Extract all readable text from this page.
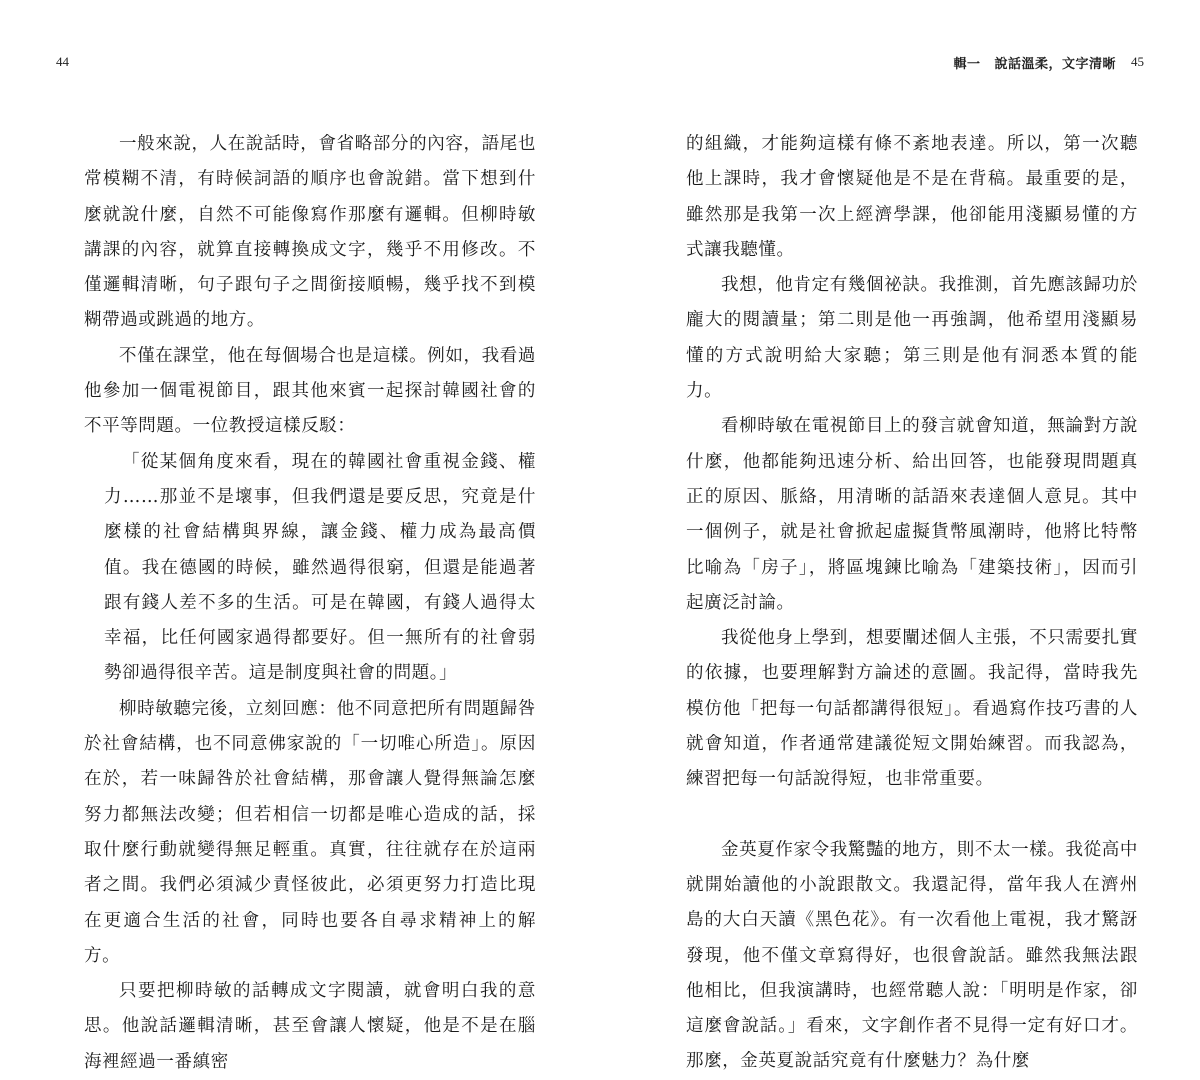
44

一般來說，人在說話時，會省略部分的內容，語尾也常模糊不清，有時候詞語的順序也會說錯。當下想到什麼就說什麼，自然不可能像寫作那麼有邏輯。但柳時敏講課的內容，就算直接轉換成文字，幾乎不用修改。不僅邏輯清晰，句子跟句子之間銜接順暢，幾乎找不到模糊帶過或跳過的地方。

不僅在課堂，他在每個場合也是這樣。例如，我看過他參加一個電視節目，跟其他來賓一起探討韓國社會的不平等問題。一位教授這樣反駁：

「從某個角度來看，現在的韓國社會重視金錢、權力……那並不是壞事，但我們還是要反思，究竟是什麼樣的社會結構與界線，讓金錢、權力成為最高價值。我在德國的時候，雖然過得很窮，但還是能過著跟有錢人差不多的生活。可是在韓國，有錢人過得太幸福，比任何國家過得都要好。但一無所有的社會弱勢卻過得很辛苦。這是制度與社會的問題。」

柳時敏聽完後，立刻回應：他不同意把所有問題歸咎於社會結構，也不同意佛家說的「一切唯心所造」。原因在於，若一味歸咎於社會結構，那會讓人覺得無論怎麼努力都無法改變；但若相信一切都是唯心造成的話，採取什麼行動就變得無足輕重。真實，往往就存在於這兩者之間。我們必須減少責怪彼此，必須更努力打造比現在更適合生活的社會，同時也要各自尋求精神上的解方。

只要把柳時敏的話轉成文字閱讀，就會明白我的意思。他說話邏輯清晰，甚至會讓人懷疑，他是不是在腦海裡經過一番縝密

輯一 說話溫柔，文字清晰 45

的組織，才能夠這樣有條不紊地表達。所以，第一次聽他上課時，我才會懷疑他是不是在背稿。最重要的是，雖然那是我第一次上經濟學課，他卻能用淺顯易懂的方式讓我聽懂。

我想，他肯定有幾個祕訣。我推測，首先應該歸功於龐大的閱讀量；第二則是他一再強調，他希望用淺顯易懂的方式說明給大家聽；第三則是他有洞悉本質的能力。

看柳時敏在電視節目上的發言就會知道，無論對方說什麼，他都能夠迅速分析、給出回答，也能發現問題真正的原因、脈絡，用清晰的話語來表達個人意見。其中一個例子，就是社會掀起虛擬貨幣風潮時，他將比特幣比喻為「房子」，將區塊鍊比喻為「建築技術」，因而引起廣泛討論。

我從他身上學到，想要闡述個人主張，不只需要扎實的依據，也要理解對方論述的意圖。我記得，當時我先模仿他「把每一句話都講得很短」。看過寫作技巧書的人就會知道，作者通常建議從短文開始練習。而我認為，練習把每一句話說得短，也非常重要。

金英夏作家令我驚豔的地方，則不太一樣。我從高中就開始讀他的小說跟散文。我還記得，當年我人在濟州島的大白天讀《黑色花》。有一次看他上電視，我才驚訝發現，他不僅文章寫得好，也很會說話。雖然我無法跟他相比，但我演講時，也經常聽人說：「明明是作家，卻這麼會說話。」看來，文字創作者不見得一定有好口才。那麼，金英夏說話究竟有什麼魅力？為什麼
